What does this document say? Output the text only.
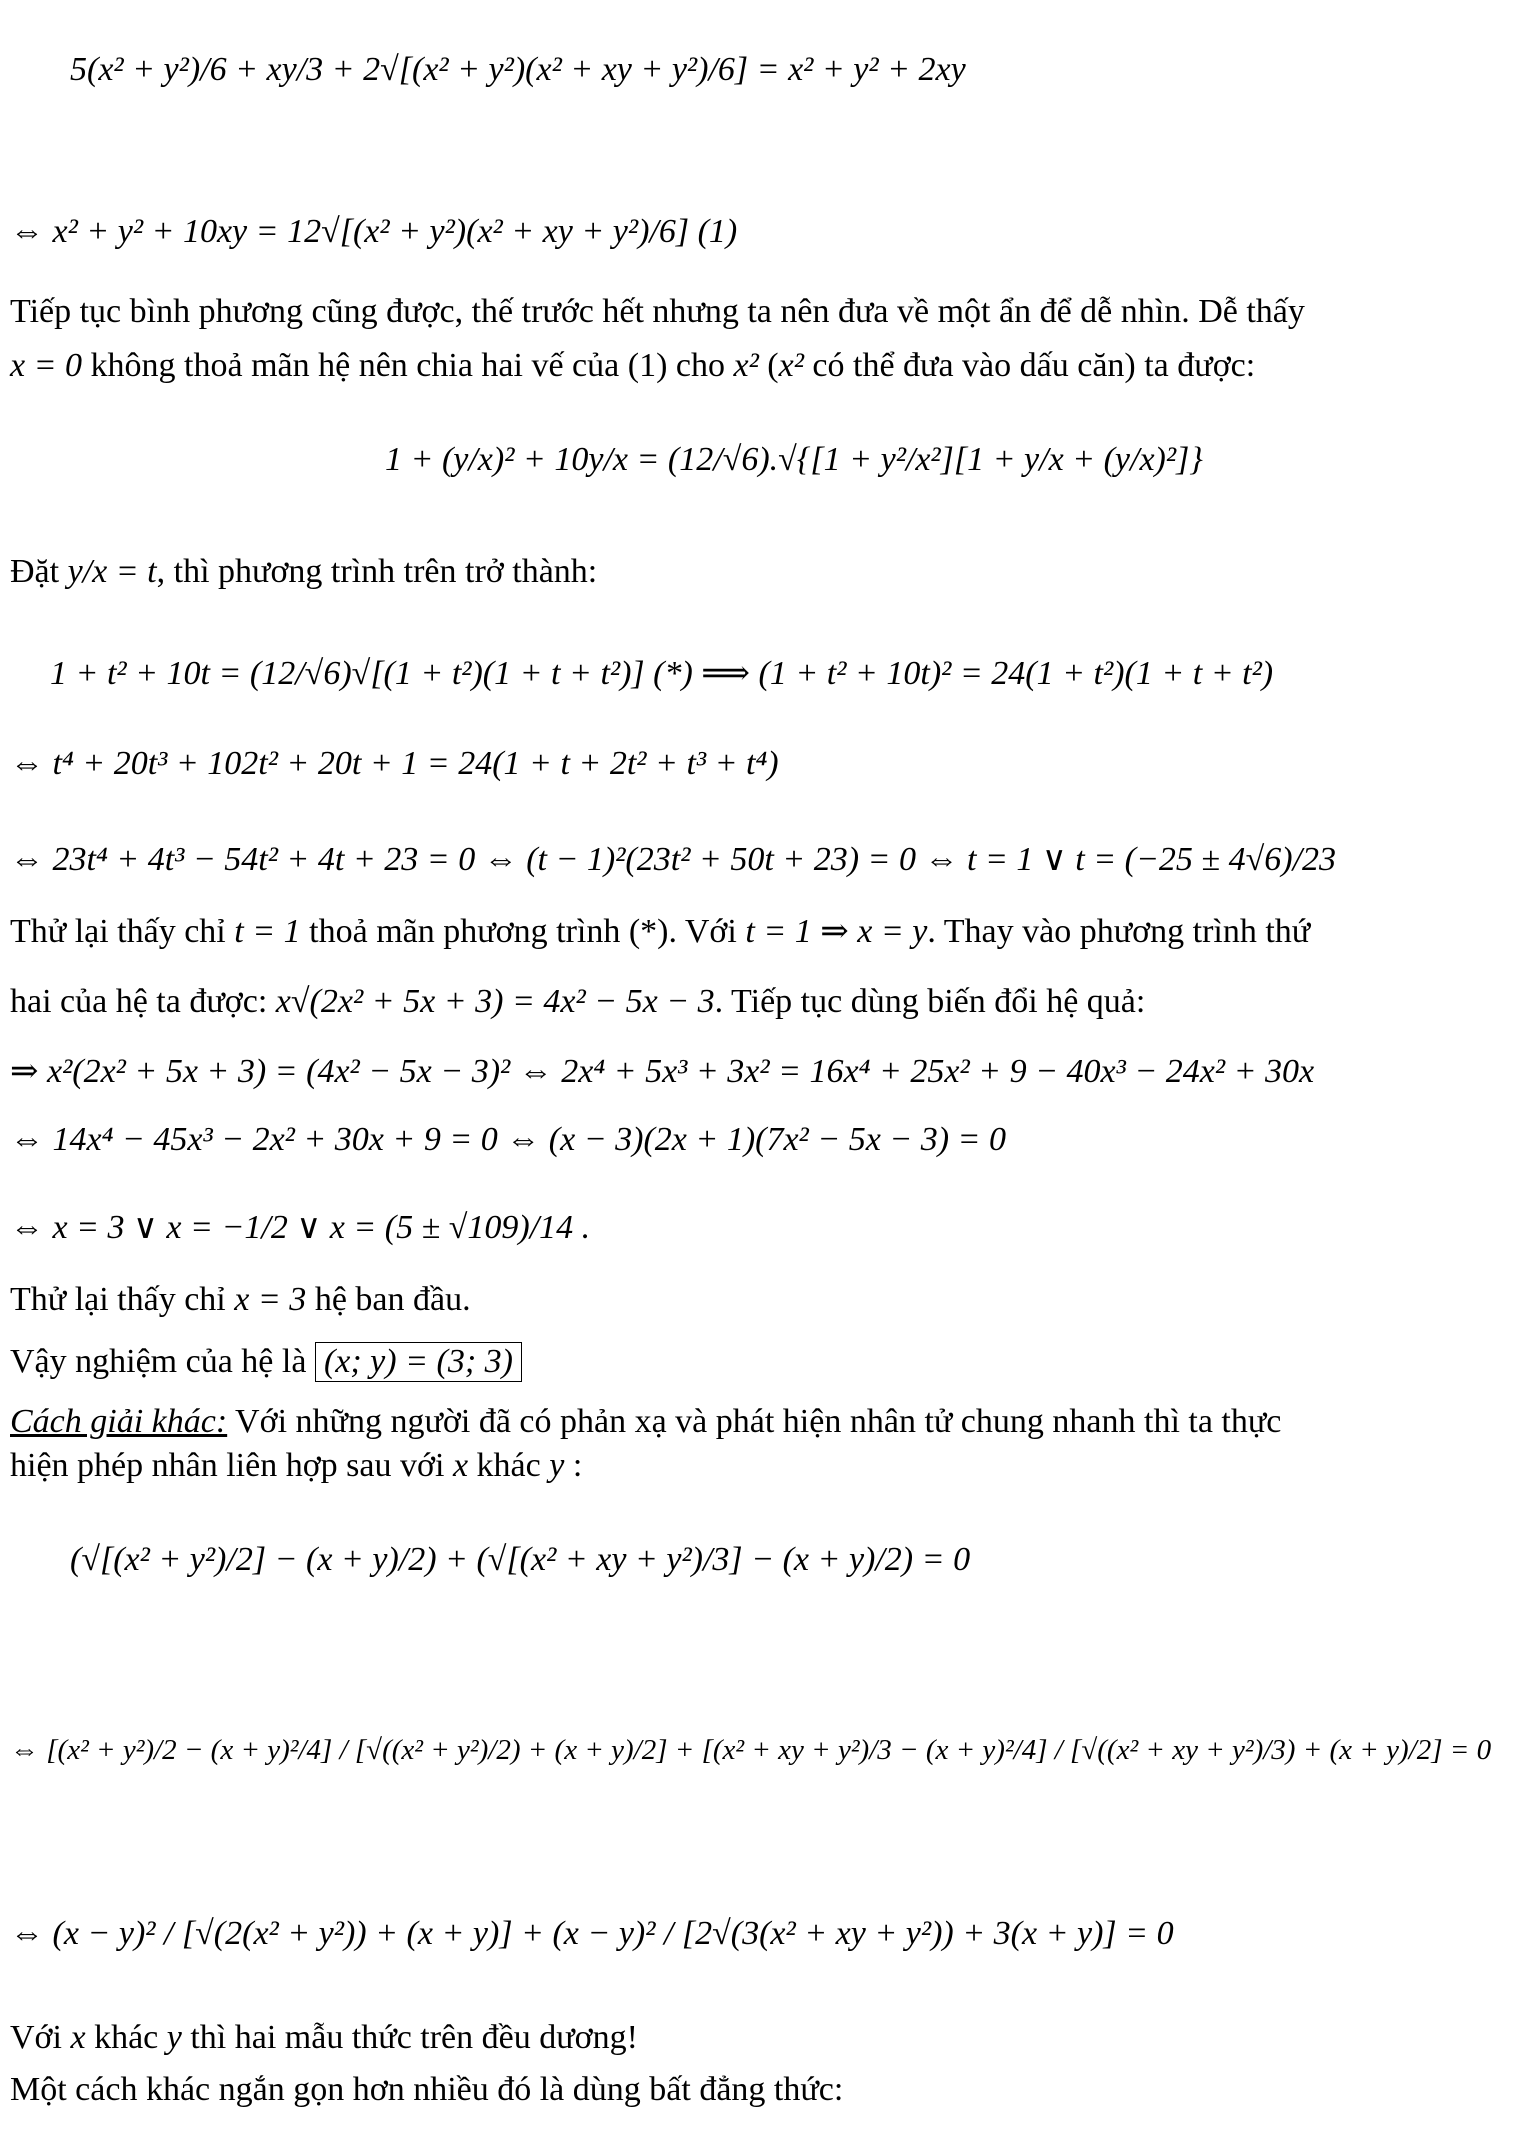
5(x² + y²)/6 + xy/3 + 2√[(x² + y²)(x² + xy + y²)/6] = x² + y² + 2xy
⇔ x² + y² + 10xy = 12√[(x² + y²)(x² + xy + y²)/6] (1)
Tiếp tục bình phương cũng được, thế trước hết nhưng ta nên đưa về một ẩn để dễ nhìn. Dễ thấy
x = 0 không thoả mãn hệ nên chia hai vế của (1) cho x² (x² có thể đưa vào dấu căn) ta được:
1 + (y/x)² + 10y/x = (12/√6).√{[1 + y²/x²][1 + y/x + (y/x)²]}
Đặt y/x = t, thì phương trình trên trở thành:
1 + t² + 10t = (12/√6)√[(1 + t²)(1 + t + t²)] (*) ⟹ (1 + t² + 10t)² = 24(1 + t²)(1 + t + t²)
⇔ t⁴ + 20t³ + 102t² + 20t + 1 = 24(1 + t + 2t² + t³ + t⁴)
⇔ 23t⁴ + 4t³ − 54t² + 4t + 23 = 0 ⇔ (t − 1)²(23t² + 50t + 23) = 0 ⇔ t = 1 ∨ t = (−25 ± 4√6)/23
Thử lại thấy chỉ t = 1 thoả mãn phương trình (*). Với t = 1 ⇒ x = y. Thay vào phương trình thứ
hai của hệ ta được: x√(2x² + 5x + 3) = 4x² − 5x − 3. Tiếp tục dùng biến đổi hệ quả:
⇒ x²(2x² + 5x + 3) = (4x² − 5x − 3)² ⇔ 2x⁴ + 5x³ + 3x² = 16x⁴ + 25x² + 9 − 40x³ − 24x² + 30x
⇔ 14x⁴ − 45x³ − 2x² + 30x + 9 = 0 ⇔ (x − 3)(2x + 1)(7x² − 5x − 3) = 0
⇔ x = 3 ∨ x = −1/2 ∨ x = (5 ± √109)/14 .
Thử lại thấy chỉ x = 3 hệ ban đầu.
Vậy nghiệm của hệ là (x; y) = (3; 3)
Cách giải khác: Với những người đã có phản xạ và phát hiện nhân tử chung nhanh thì ta thực
hiện phép nhân liên hợp sau với x khác y :
(√[(x² + y²)/2] − (x + y)/2) + (√[(x² + xy + y²)/3] − (x + y)/2) = 0
⇔ [(x² + y²)/2 − (x + y)²/4] / [√((x² + y²)/2) + (x + y)/2] + [(x² + xy + y²)/3 − (x + y)²/4] / [√((x² + xy + y²)/3) + (x + y)/2] = 0
⇔ (x − y)² / [√(2(x² + y²)) + (x + y)] + (x − y)² / [2√(3(x² + xy + y²)) + 3(x + y)] = 0
Với x khác y thì hai mẫu thức trên đều dương!
Một cách khác ngắn gọn hơn nhiều đó là dùng bất đẳng thức:
